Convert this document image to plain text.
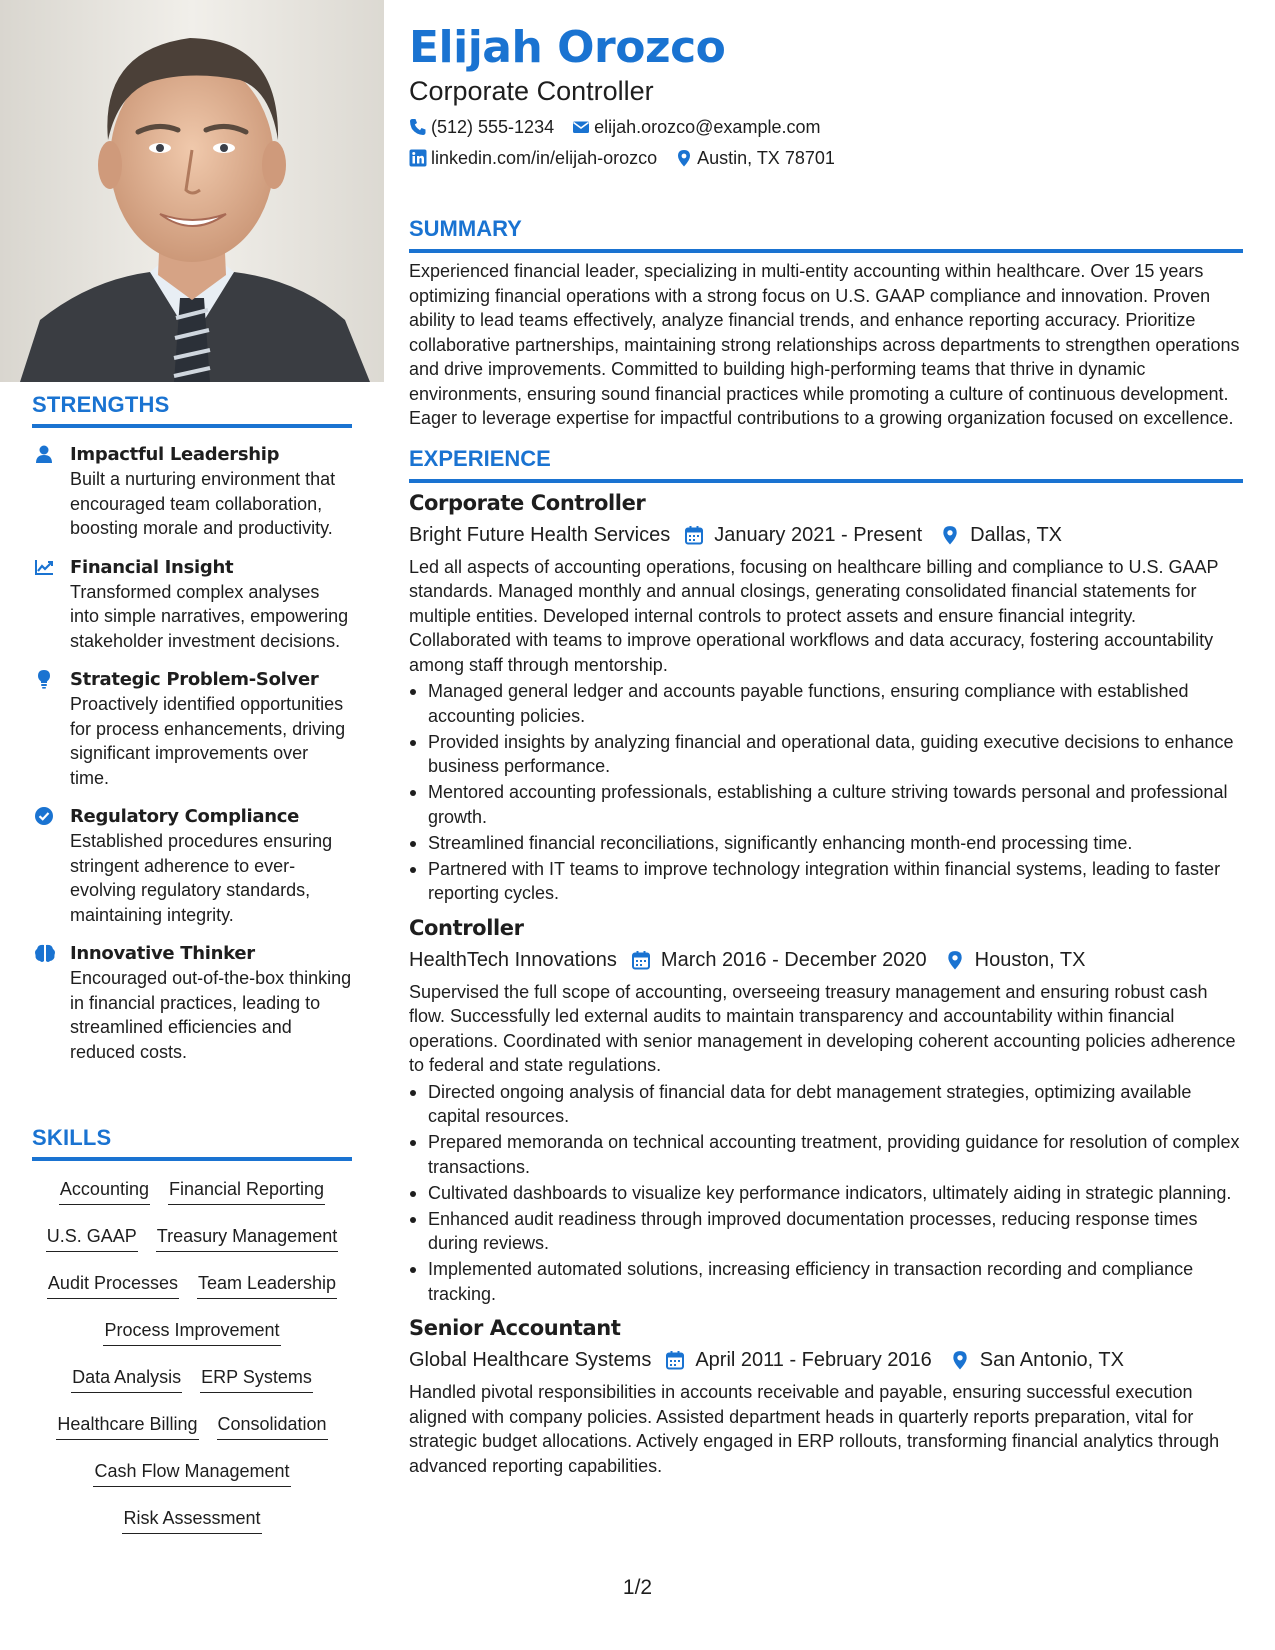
STRENGTHS
Impactful Leadership
Built a nurturing environment that encouraged team collaboration, boosting morale and productivity.
Financial Insight
Transformed complex analyses into simple narratives, empowering stakeholder investment decisions.
Strategic Problem-Solver
Proactively identified opportunities for process enhancements, driving significant improvements over time.
Regulatory Compliance
Established procedures ensuring stringent adherence to ever-evolving regulatory standards, maintaining integrity.
Innovative Thinker
Encouraged out-of-the-box thinking in financial practices, leading to streamlined efficiencies and reduced costs.
SKILLS
Accounting Financial Reporting
U.S. GAAP Treasury Management
Audit Processes Team Leadership
Process Improvement
Data Analysis ERP Systems
Healthcare Billing Consolidation
Cash Flow Management
Risk Assessment
Elijah Orozco
Corporate Controller
(512) 555-1234 elijah.orozco@example.com
linkedin.com/in/elijah-orozco Austin, TX 78701
SUMMARY
Experienced financial leader, specializing in multi-entity accounting within healthcare. Over 15 years optimizing financial operations with a strong focus on U.S. GAAP compliance and innovation. Proven ability to lead teams effectively, analyze financial trends, and enhance reporting accuracy. Prioritize collaborative partnerships, maintaining strong relationships across departments to strengthen operations and drive improvements. Committed to building high-performing teams that thrive in dynamic environments, ensuring sound financial practices while promoting a culture of continuous development. Eager to leverage expertise for impactful contributions to a growing organization focused on excellence.
EXPERIENCE
Corporate Controller
Bright Future Health Services January 2021 - Present Dallas, TX
Led all aspects of accounting operations, focusing on healthcare billing and compliance to U.S. GAAP standards. Managed monthly and annual closings, generating consolidated financial statements for multiple entities. Developed internal controls to protect assets and ensure financial integrity. Collaborated with teams to improve operational workflows and data accuracy, fostering accountability among staff through mentorship.
Managed general ledger and accounts payable functions, ensuring compliance with established accounting policies.
Provided insights by analyzing financial and operational data, guiding executive decisions to enhance business performance.
Mentored accounting professionals, establishing a culture striving towards personal and professional growth.
Streamlined financial reconciliations, significantly enhancing month-end processing time.
Partnered with IT teams to improve technology integration within financial systems, leading to faster reporting cycles.
Controller
HealthTech Innovations March 2016 - December 2020 Houston, TX
Supervised the full scope of accounting, overseeing treasury management and ensuring robust cash flow. Successfully led external audits to maintain transparency and accountability within financial operations. Coordinated with senior management in developing coherent accounting policies adherence to federal and state regulations.
Directed ongoing analysis of financial data for debt management strategies, optimizing available capital resources.
Prepared memoranda on technical accounting treatment, providing guidance for resolution of complex transactions.
Cultivated dashboards to visualize key performance indicators, ultimately aiding in strategic planning.
Enhanced audit readiness through improved documentation processes, reducing response times during reviews.
Implemented automated solutions, increasing efficiency in transaction recording and compliance tracking.
Senior Accountant
Global Healthcare Systems April 2011 - February 2016 San Antonio, TX
Handled pivotal responsibilities in accounts receivable and payable, ensuring successful execution aligned with company policies. Assisted department heads in quarterly reports preparation, vital for strategic budget allocations. Actively engaged in ERP rollouts, transforming financial analytics through advanced reporting capabilities.
1/2
